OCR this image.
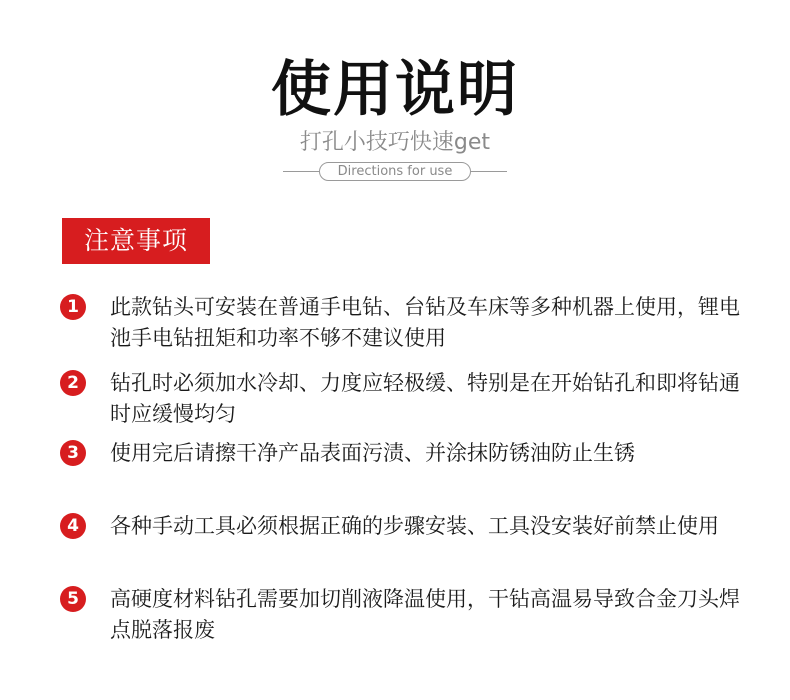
使用说明
打孔小技巧快速get
Directions for use
注意事项
1	此款钻头可安装在普通手电钻、台钻及车床等多种机器上使用，锂电池手电钻扭矩和功率不够不建议使用
2	钻孔时必须加水冷却、力度应轻极缓、特别是在开始钻孔和即将钻通时应缓慢均匀
3	使用完后请擦干净产品表面污渍、并涂抹防锈油防止生锈
4	各种手动工具必须根据正确的步骤安装、工具没安装好前禁止使用
5	高硬度材料钻孔需要加切削液降温使用，干钻高温易导致合金刀头焊点脱落报废
